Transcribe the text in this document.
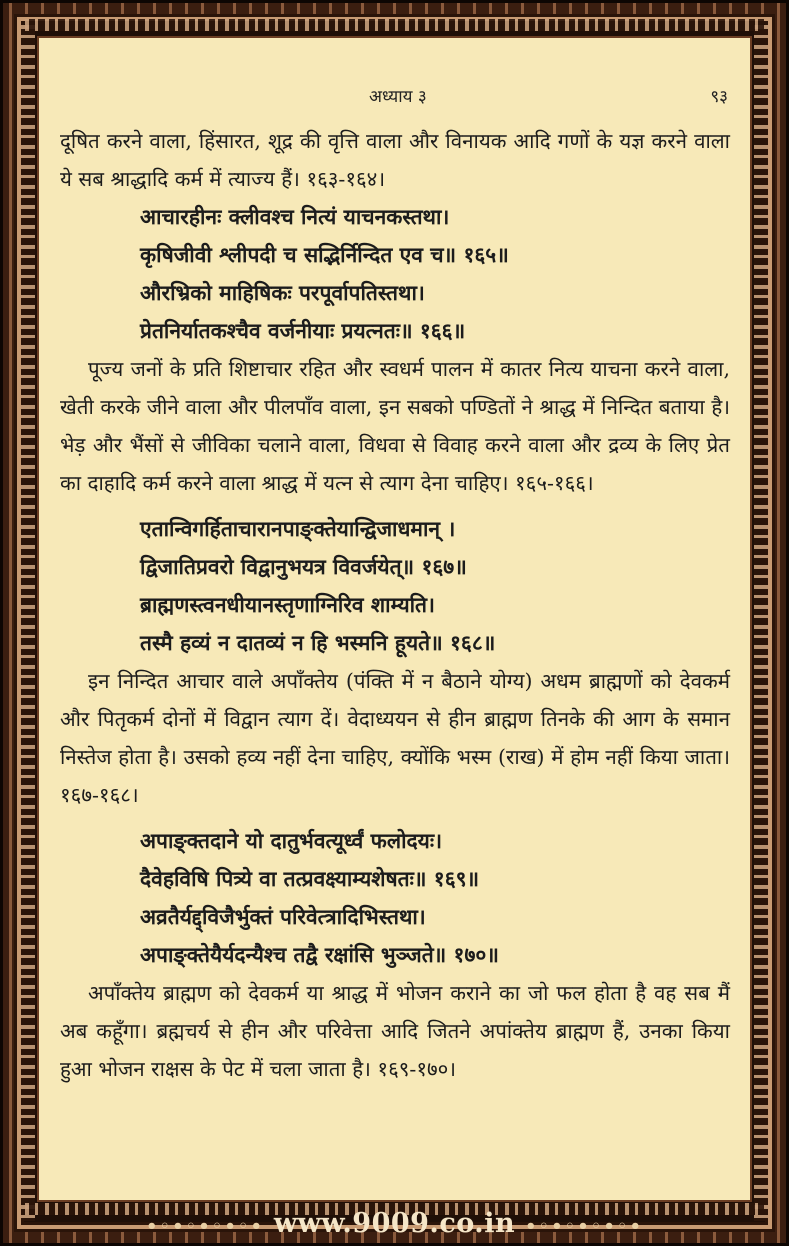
अध्याय ३	९३
दूषित करने वाला, हिंसारत, शूद्र की वृत्ति वाला और विनायक आदि गणों के यज्ञ करने वाला ये सब श्राद्धादि कर्म में त्याज्य हैं। १६३-१६४।
आचारहीनः क्लीवश्च नित्यं याचनकस्तथा।
कृषिजीवी श्लीपदी च सद्भिर्निन्दित एव च॥ १६५॥
औरभ्रिको माहिषिकः परपूर्वापतिस्तथा।
प्रेतनिर्यातकश्चैव वर्जनीयाः प्रयत्नतः॥ १६६॥
पूज्य जनों के प्रति शिष्टाचार रहित और स्वधर्म पालन में कातर नित्य याचना करने वाला, खेती करके जीने वाला और पीलपाँव वाला, इन सबको पण्डितों ने श्राद्ध में निन्दित बताया है। भेड़ और भैंसों से जीविका चलाने वाला, विधवा से विवाह करने वाला और द्रव्य के लिए प्रेत का दाहादि कर्म करने वाला श्राद्ध में यत्न से त्याग देना चाहिए। १६५-१६६।
एतान्विगर्हिताचारानपाङ्क्तेयान्द्विजाधमान् ।
द्विजातिप्रवरो विद्वानुभयत्र विवर्जयेत्॥ १६७॥
ब्राह्मणस्त्वनधीयानस्तृणाग्निरिव शाम्यति।
तस्मै हव्यं न दातव्यं न हि भस्मनि हूयते॥ १६८॥
इन निन्दित आचार वाले अपाँक्तेय (पंक्ति में न बैठाने योग्य) अधम ब्राह्मणों को देवकर्म और पितृकर्म दोनों में विद्वान त्याग दें। वेदाध्ययन से हीन ब्राह्मण तिनके की आग के समान निस्तेज होता है। उसको हव्य नहीं देना चाहिए, क्योंकि भस्म (राख) में होम नहीं किया जाता। १६७-१६८।
अपाङ्क्तदाने यो दातुर्भवत्यूर्ध्वं फलोदयः।
दैवेहविषि पित्र्ये वा तत्प्रवक्ष्याम्यशेषतः॥ १६९॥
अव्रतैर्यद्द्विजैर्भुक्तं परिवेत्त्रादिभिस्तथा।
अपाङ्क्तेयैर्यदन्यैश्च तद्वै रक्षांसि भुञ्जते॥ १७०॥
अपाँक्तेय ब्राह्मण को देवकर्म या श्राद्ध में भोजन कराने का जो फल होता है वह सब मैं अब कहूँगा। ब्रह्मचर्य से हीन और परिवेत्ता आदि जितने अपांक्तेय ब्राह्मण हैं, उनका किया हुआ भोजन राक्षस के पेट में चला जाता है। १६९-१७०।
•◦•◦•◦•◦• www.9009.co.in •◦•◦•◦•◦•
